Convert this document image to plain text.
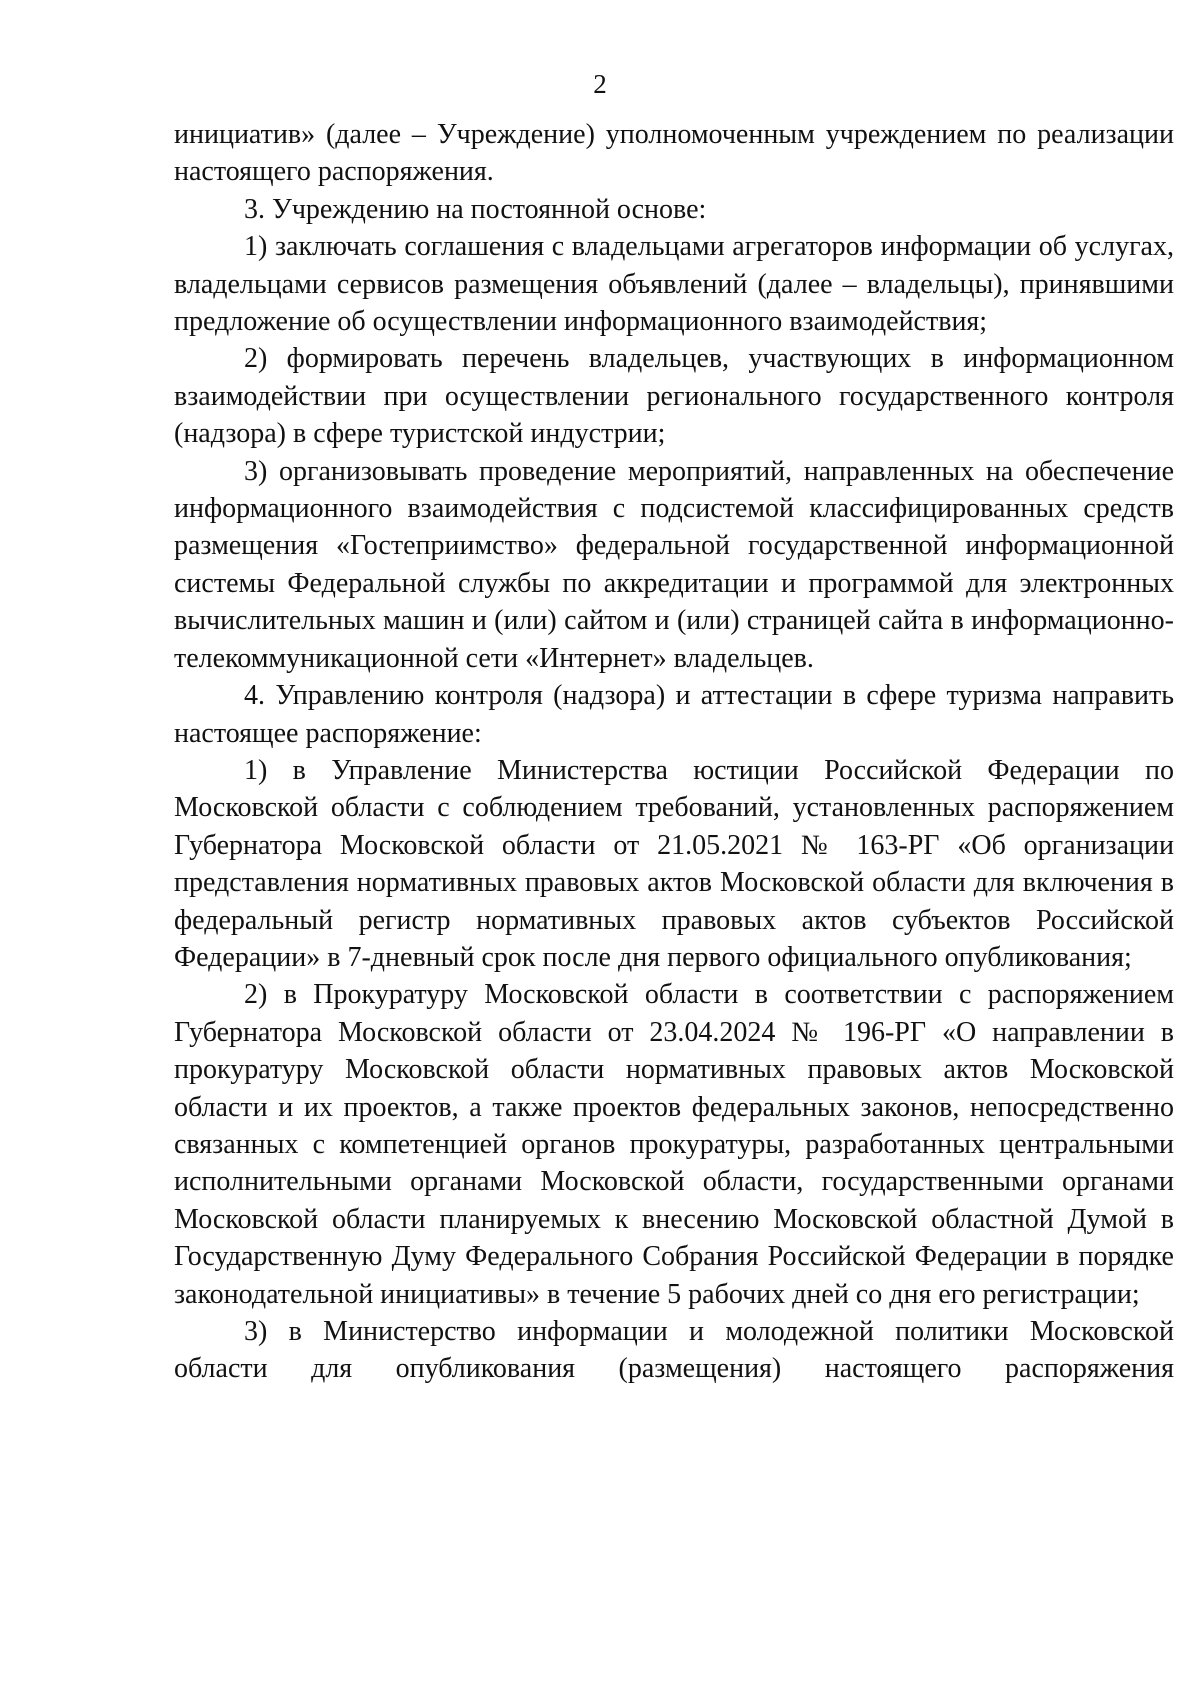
2

инициатив» (далее – Учреждение) уполномоченным учреждением по реализации настоящего распоряжения.

3. Учреждению на постоянной основе:

1) заключать соглашения с владельцами агрегаторов информации об услугах, владельцами сервисов размещения объявлений (далее – владельцы), принявшими предложение об осуществлении информационного взаимодействия;

2) формировать перечень владельцев, участвующих в информационном взаимодействии при осуществлении регионального государственного контроля (надзора) в сфере туристской индустрии;

3) организовывать проведение мероприятий, направленных на обеспечение информационного взаимодействия с подсистемой классифицированных средств размещения «Гостеприимство» федеральной государственной информационной системы Федеральной службы по аккредитации и программой для электронных вычислительных машин и (или) сайтом и (или) страницей сайта в информационно-телекоммуникационной сети «Интернет» владельцев.

4. Управлению контроля (надзора) и аттестации в сфере туризма направить настоящее распоряжение:

1) в Управление Министерства юстиции Российской Федерации по Московской области с соблюдением требований, установленных распоряжением Губернатора Московской области от 21.05.2021 № 163-РГ «Об организации представления нормативных правовых актов Московской области для включения в федеральный регистр нормативных правовых актов субъектов Российской Федерации» в 7-дневный срок после дня первого официального опубликования;

2) в Прокуратуру Московской области в соответствии с распоряжением Губернатора Московской области от 23.04.2024 № 196-РГ «О направлении в прокуратуру Московской области нормативных правовых актов Московской области и их проектов, а также проектов федеральных законов, непосредственно связанных с компетенцией органов прокуратуры, разработанных центральными исполнительными органами Московской области, государственными органами Московской области планируемых к внесению Московской областной Думой в Государственную Думу Федерального Собрания Российской Федерации в порядке законодательной инициативы» в течение 5 рабочих дней со дня его регистрации;

3) в Министерство информации и молодежной политики Московской области для опубликования (размещения) настоящего распоряжения
